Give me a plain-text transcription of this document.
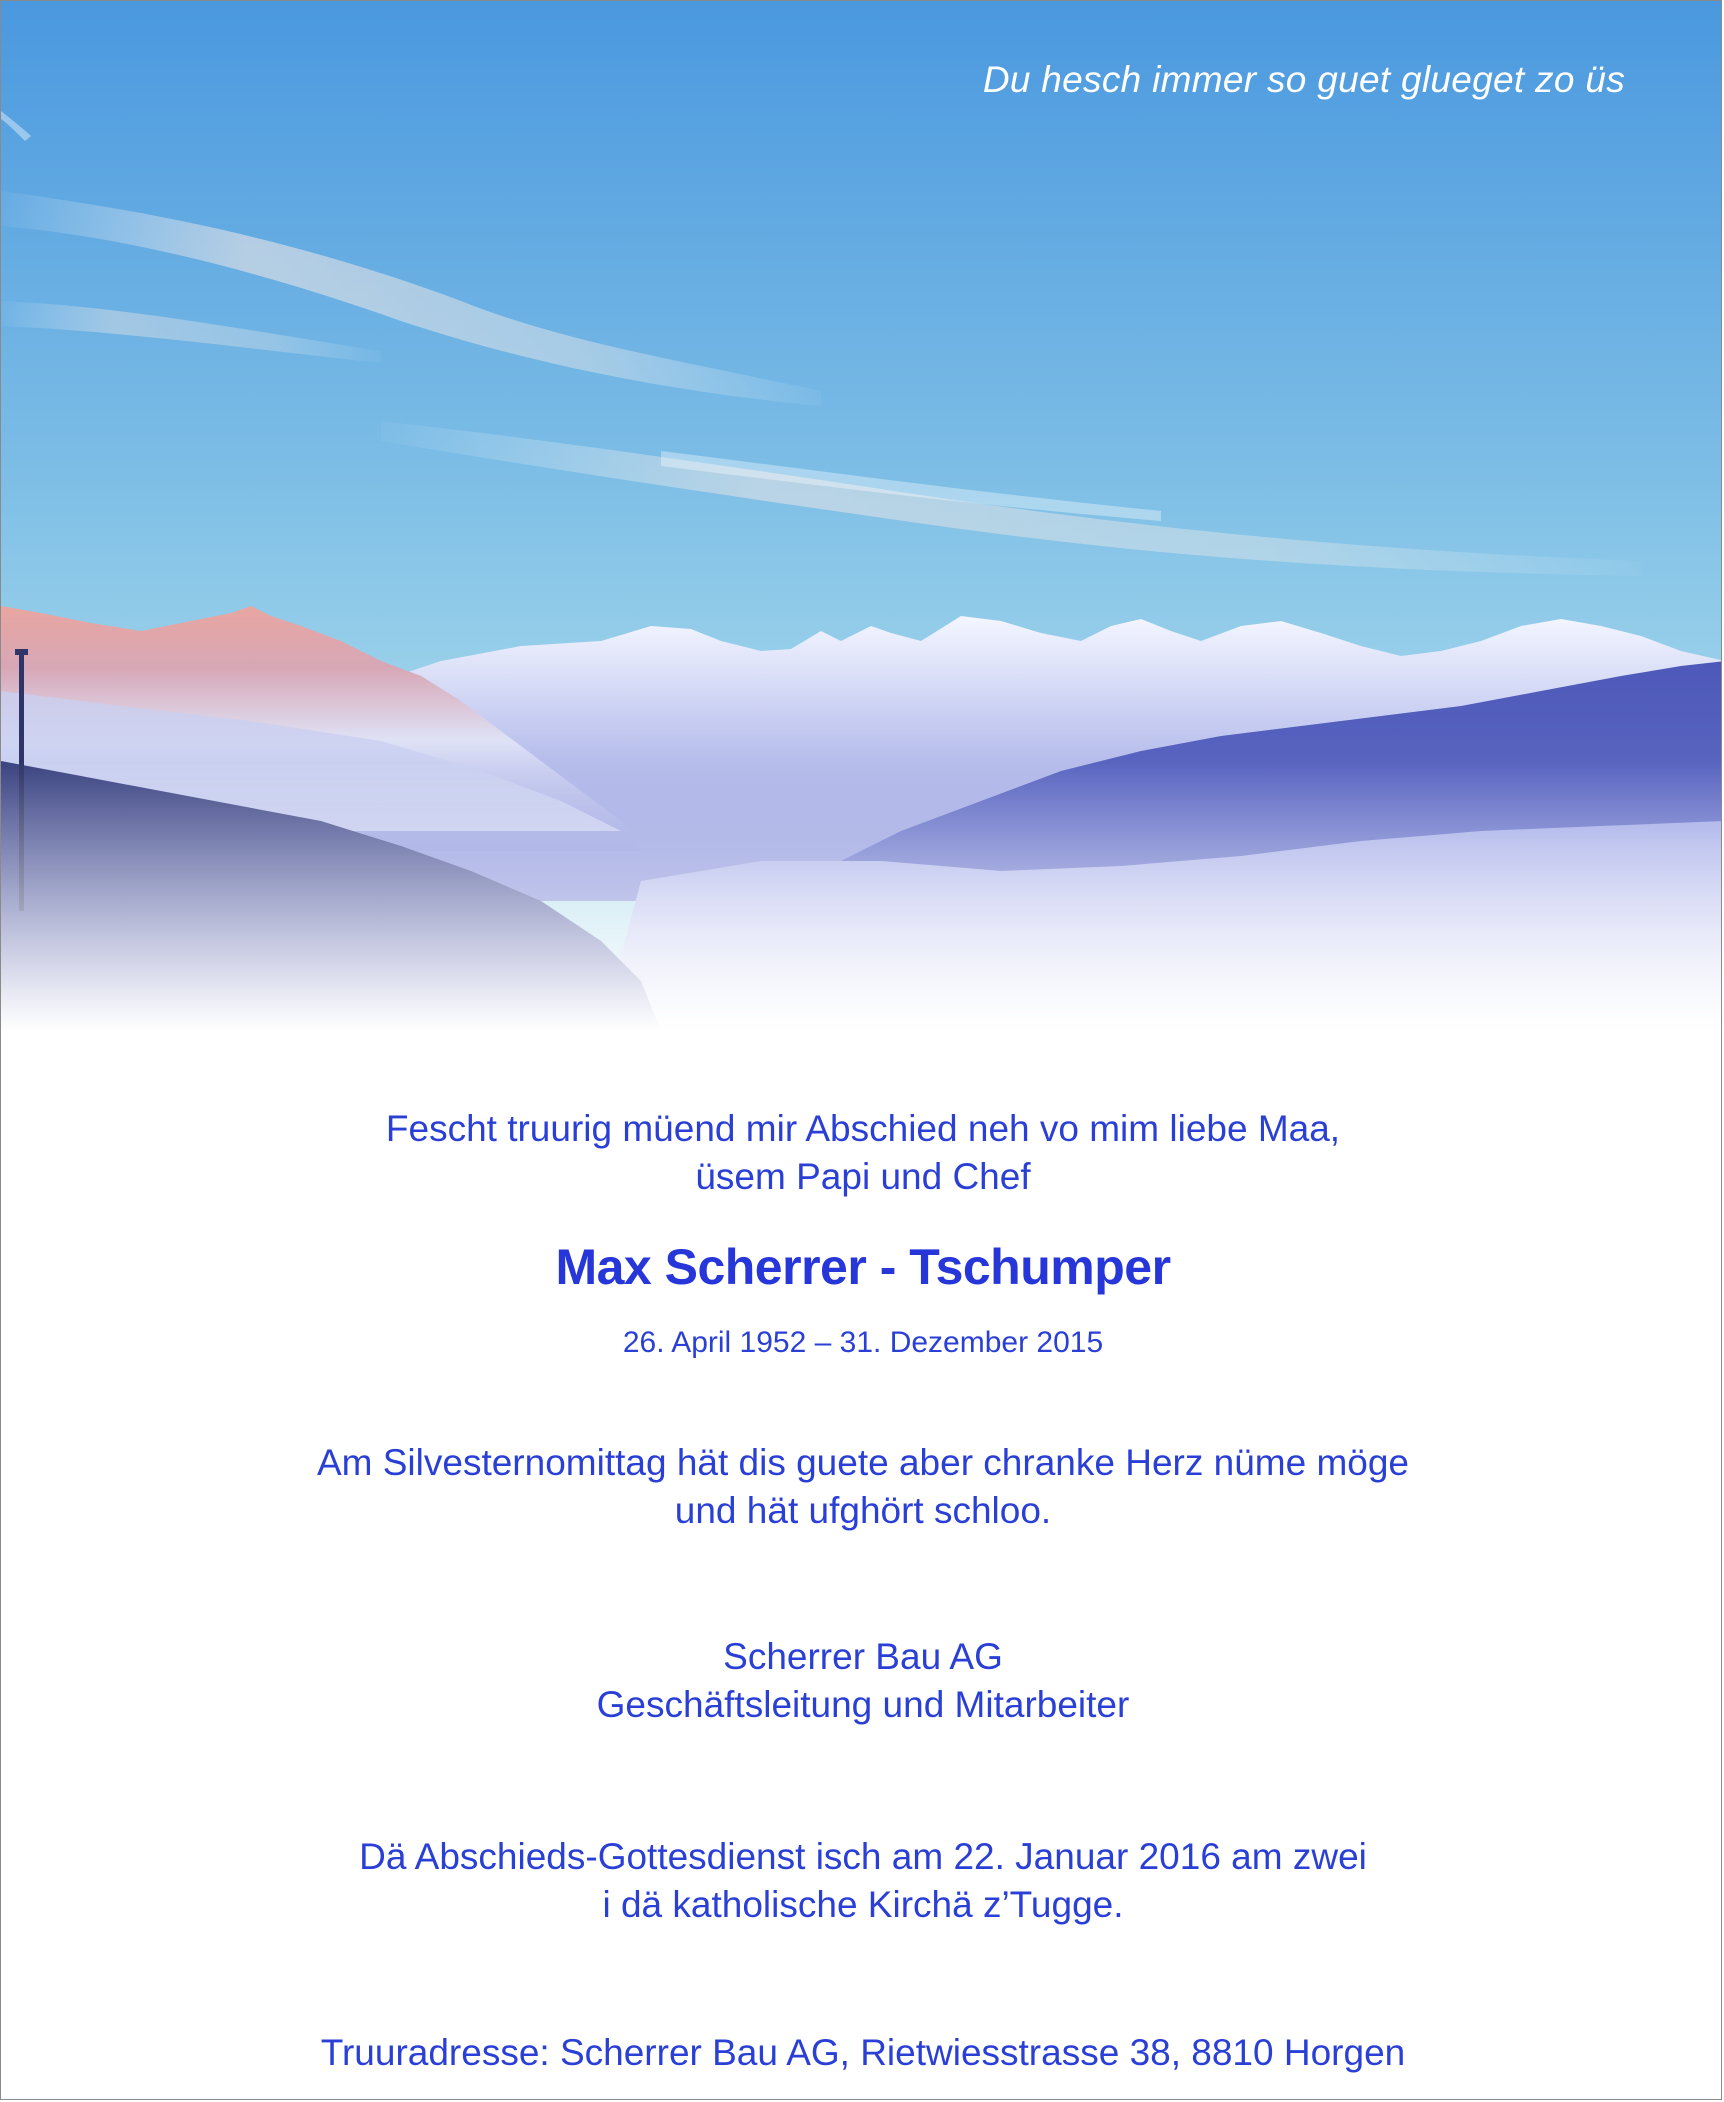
Du hesch immer so guet glueget zo üs
Fescht truurig müend mir Abschied neh vo mim liebe Maa,
üsem Papi und Chef
Max Scherrer - Tschumper
26. April 1952 – 31. Dezember 2015
Am Silvesternomittag hät dis guete aber chranke Herz nüme möge
und hät ufghört schloo.
Scherrer Bau AG
Geschäftsleitung und Mitarbeiter
Dä Abschieds-Gottesdienst isch am 22. Januar 2016 am zwei
i dä katholische Kirchä z’Tugge.
Truuradresse: Scherrer Bau AG, Rietwiesstrasse 38, 8810 Horgen
